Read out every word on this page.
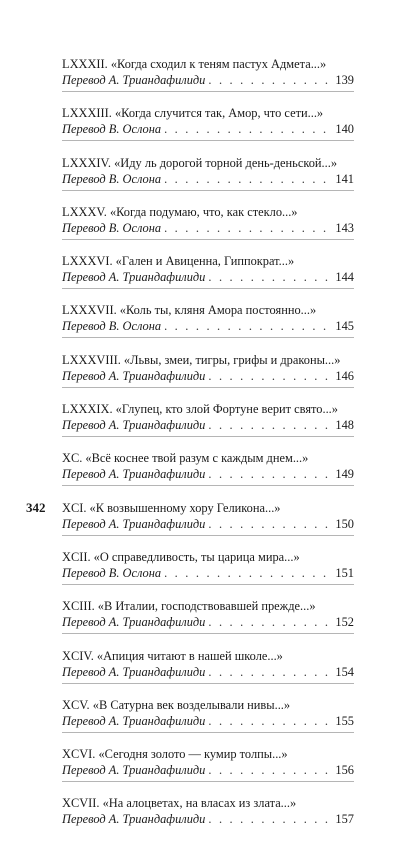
LXXXII. «Когда сходил к теням пастух Адмета...»
Перевод А. Триандафилиди . . .	139
LXXXIII. «Когда случится так, Амор, что сети...»
Перевод В. Ослона . . .	140
LXXXIV. «Иду ль дорогой торной день-деньской...»
Перевод В. Ослона . . .	141
LXXXV. «Когда подумаю, что, как стекло...»
Перевод В. Ослона . . .	143
LXXXVI. «Гален и Авиценна, Гиппократ...»
Перевод А. Триандафилиди . . .	144
LXXXVII. «Коль ты, кляня Амора постоянно...»
Перевод В. Ослона . . .	145
LXXXVIII. «Львы, змеи, тигры, грифы и драконы...»
Перевод А. Триандафилиди . . .	146
LXXXIX. «Глупец, кто злой Фортуне верит свято...»
Перевод А. Триандафилиди . . .	148
XC. «Всё коснее твой разум с каждым днем...»
Перевод А. Триандафилиди . . .	149
XCI. «К возвышенному хору Геликона...»
Перевод А. Триандафилиди . . .	150
XCII. «О справедливость, ты царица мира...»
Перевод В. Ослона . . .	151
XCIII. «В Италии, господствовавшей прежде...»
Перевод А. Триандафилиди . . .	152
XCIV. «Апиция читают в нашей школе...»
Перевод А. Триандафилиди . . .	154
XCV. «В Сатурна век возделывали нивы...»
Перевод А. Триандафилиди . . .	155
XCVI. «Сегодня золото — кумир толпы...»
Перевод А. Триандафилиди . . .	156
XCVII. «На алоцветах, на власах из злата...»
Перевод А. Триандафилиди . . .	157
342
